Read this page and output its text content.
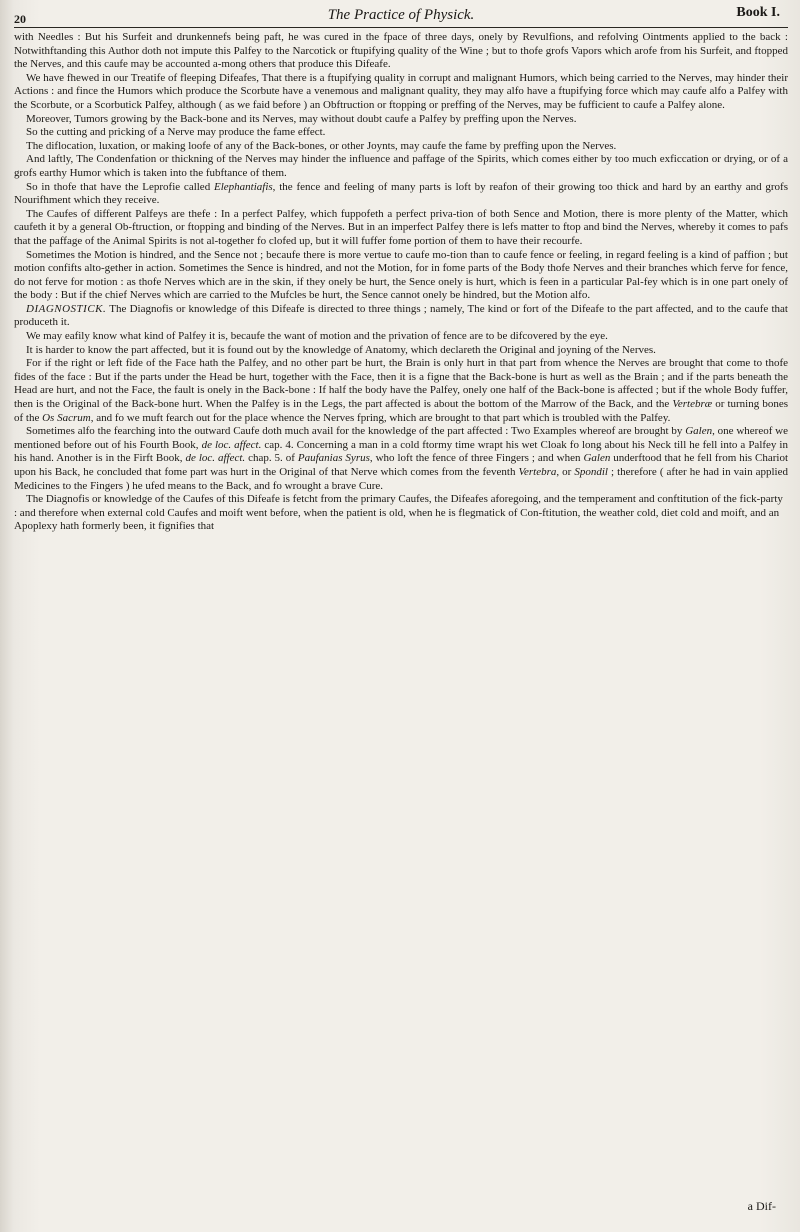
20	The Practice of Physick.	Book I.

with Needles : But his Surfeit and drunkennefs being paft, he was cured in the fpace of three days, onely by Revulfions, and refolving Ointments applied to the back : Notwithftanding this Author doth not impute this Palfey to the Narcotick or ftupifying quality of the Wine ; but to thofe grofs Vapors which arofe from his Surfeit, and ftopped the Nerves, and this caufe may be accounted a-mong others that produce this Difeafe.

We have fhewed in our Treatife of fleeping Difeafes, That there is a ftupifying quality in corrupt and malignant Humors, which being carried to the Nerves, may hinder their Actions : and fince the Humors which produce the Scorbute have a venemous and malignant quality, they may alfo have a ftupifying force which may caufe alfo a Palfey with the Scorbute, or a Scorbutick Palfey, although ( as we faid before ) an Obftruction or ftopping or preffing of the Nerves, may be fufficient to caufe a Palfey alone.

Moreover, Tumors growing by the Back-bone and its Nerves, may without doubt caufe a Palfey by preffing upon the Nerves.

So the cutting and pricking of a Nerve may produce the fame effect.

The diflocation, luxation, or making loofe of any of the Back-bones, or other Joynts, may caufe the fame by preffing upon the Nerves.

And laftly, The Condenfation or thickning of the Nerves may hinder the influence and paffage of the Spirits, which comes either by too much exficcation or drying, or of a grofs earthy Humor which is taken into the fubftance of them.

So in thofe that have the Leprofie called Elephantiafis, the fence and feeling of many parts is loft by reafon of their growing too thick and hard by an earthy and grofs Nourifhment which they receive.

The Caufes of different Palfeys are thefe : In a perfect Palfey, which fuppofeth a perfect priva-tion of both Sence and Motion, there is more plenty of the Matter, which caufeth it by a general Ob-ftruction, or ftopping and binding of the Nerves. But in an imperfect Palfey there is lefs matter to ftop and bind the Nerves, whereby it comes to pafs that the paffage of the Animal Spirits is not al-together fo clofed up, but it will fuffer fome portion of them to have their recourfe.

Sometimes the Motion is hindred, and the Sence not ; becaufe there is more vertue to caufe mo-tion than to caufe fence or feeling, in regard feeling is a kind of paffion ; but motion confifts alto-gether in action. Sometimes the Sence is hindred, and not the Motion, for in fome parts of the Body thofe Nerves and their branches which ferve for fence, do not ferve for motion : as thofe Nerves which are in the skin, if they onely be hurt, the Sence onely is hurt, which is feen in a particular Pal-fey which is in one part onely of the body : But if the chief Nerves which are carried to the Mufcles be hurt, the Sence cannot onely be hindred, but the Motion alfo.

DIAGNOSTICK. The Diagnofis or knowledge of this Difeafe is directed to three things ; namely, The kind or fort of the Difeafe to the part affected, and to the caufe that produceth it.

We may eafily know what kind of Palfey it is, becaufe the want of motion and the privation of fence are to be difcovered by the eye.

It is harder to know the part affected, but it is found out by the knowledge of Anatomy, which declareth the Original and joyning of the Nerves.

For if the right or left fide of the Face hath the Palfey, and no other part be hurt, the Brain is only hurt in that part from whence the Nerves are brought that come to thofe fides of the face : But if the parts under the Head be hurt, together with the Face, then it is a figne that the Back-bone is hurt as well as the Brain ; and if the parts beneath the Head are hurt, and not the Face, the fault is onely in the Back-bone : If half the body have the Palfey, onely one half of the Back-bone is affected ; but if the whole Body fuffer, then is the Original of the Back-bone hurt. When the Palfey is in the Legs, the part affected is about the bottom of the Marrow of the Back, and the Vertebræ or turning bones of the Os Sacrum, and fo we muft fearch out for the place whence the Nerves fpring, which are brought to that part which is troubled with the Palfey.

Sometimes alfo the fearching into the outward Caufe doth much avail for the knowledge of the part affected : Two Examples whereof are brought by Galen, one whereof we mentioned before out of his Fourth Book, de loc. affect. cap. 4. Concerning a man in a cold ftormy time wrapt his wet Cloak fo long about his Neck till he fell into a Palfey in his hand. Another is in the Firft Book, de loc. affect. chap. 5. of Paufanias Syrus, who loft the fence of three Fingers ; and when Galen underftood that he fell from his Chariot upon his Back, he concluded that fome part was hurt in the Original of that Nerve which comes from the feventh Vertebra, or Spondil ; therefore ( after he had in vain applied Medicines to the Fingers ) he ufed means to the Back, and fo wrought a brave Cure.

The Diagnofis or knowledge of the Caufes of this Difeafe is fetcht from the primary Caufes, the Difeafes aforegoing, and the temperament and conftitution of the fick-party : and therefore when external cold Caufes and moift went before, when the patient is old, when he is flegmatick of Con-ftitution, the weather cold, diet cold and moift, and an Apoplexy hath formerly been, it fignifies that

a Dif-
